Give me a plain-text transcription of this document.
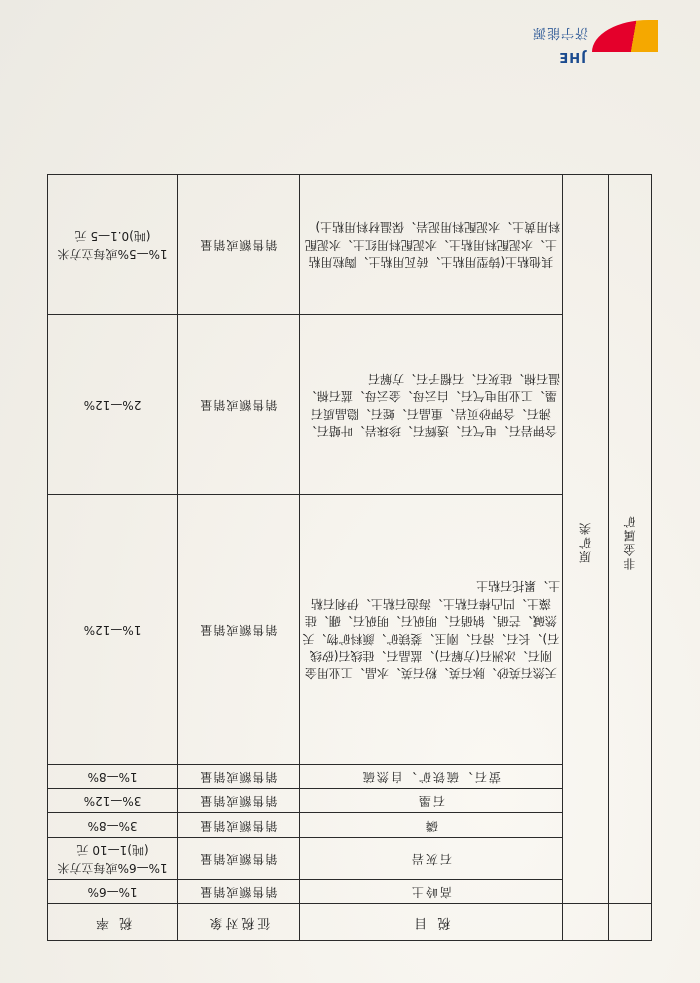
		税 目	征税对象	税 率
非金属矿	原矿类	高岭土	销售额或销量	1%—6%
		石灰岩	销售额或销量	1%—6%或每立方米(吨)1—10 元
		磷	销售额或销量	3%—8%
		石墨	销售额或销量	3%—12%
		萤石、硫铁矿、自然硫	销售额或销量	1%—8%
		天然石英砂、脉石英、粉石英、水晶、工业用金刚石、冰洲石(方解石)、蓝晶石、硅线石(矽线石)、长石、滑石、刚玉、菱镁矿、颜料矿物、天然碱、芒硝、钠硝石、明矾石、明矾石、硼、硅藻土、凹凸棒石粘土、海泡石粘土、伊利石粘土、累托石粘土	销售额或销量	1%—12%
		含钾岩石、电气石、透辉石、珍珠岩、叶蜡石、沸石、含钾砂页岩、重晶石、蛭石、隐晶质石墨、工业用电气石、白云母、金云母、蓝石棉、温石棉、硅灰石、石榴子石、方解石	销售额或销量	2%—12%
		其他粘土(铸型用粘土、砖瓦用粘土、陶粒用粘土、水泥配料用粘土、水泥配料用红土、水泥配料用黄土、水泥配料用泥岩、保温材料用粘土)	销售额或销量	1%—5%或每立方米(吨)0.1—5 元
JHE
济宁能源
